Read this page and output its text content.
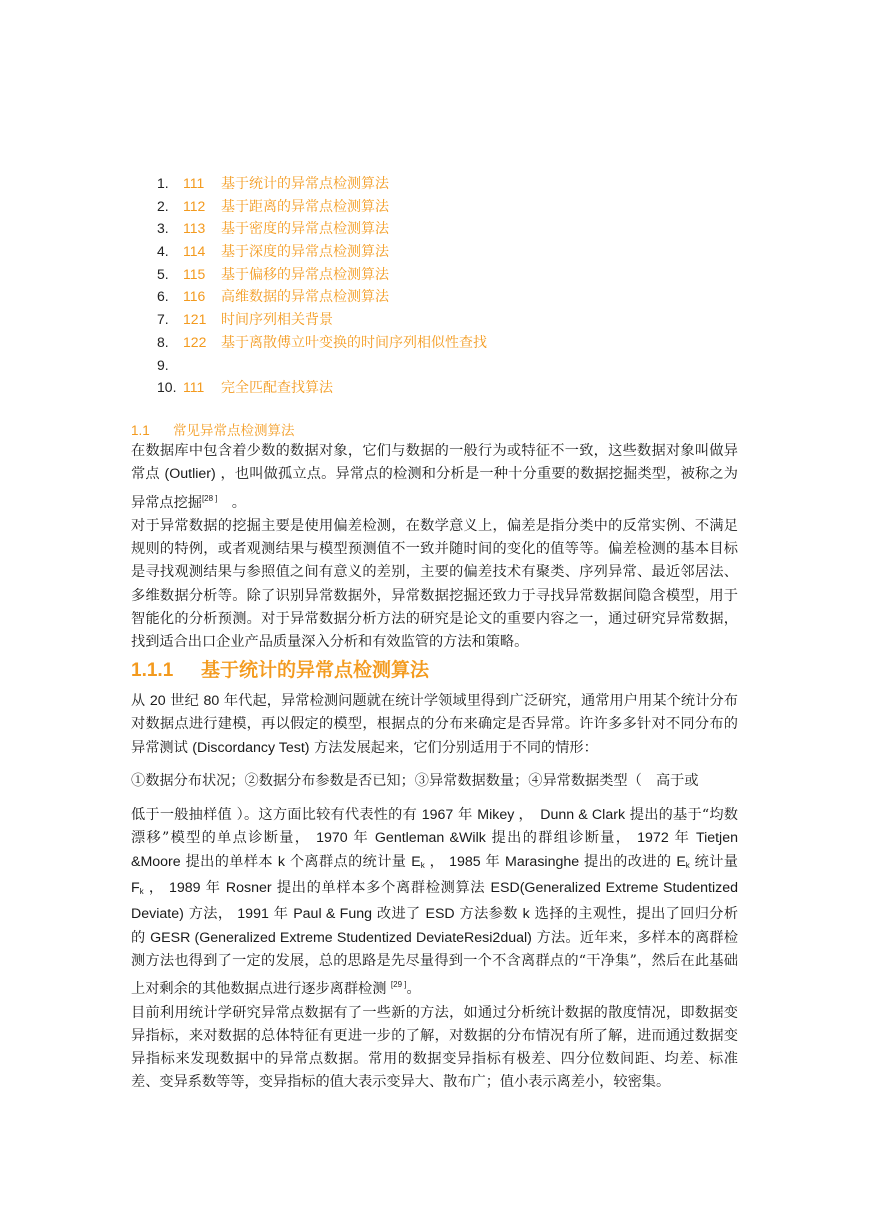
1. 111 基于统计的异常点检测算法
2. 112 基于距离的异常点检测算法
3. 113 基于密度的异常点检测算法
4. 114 基于深度的异常点检测算法
5. 115 基于偏移的异常点检测算法
6. 116 高维数据的异常点检测算法
7. 121 时间序列相关背景
8. 122 基于离散傅立叶变换的时间序列相似性查找
9.
10. 111 完全匹配查找算法
1.1 常见异常点检测算法

在数据库中包含着少数的数据对象，它们与数据的一般行为或特征不一致，这些数据对象叫做异常点 (Outlier) ，也叫做孤立点。异常点的检测和分析是一种十分重要的数据挖掘类型，被称之为异常点挖掘[28 ]　 。

对于异常数据的挖掘主要是使用偏差检测，在数学意义上，偏差是指分类中的反常实例、不满足规则的特例，或者观测结果与模型预测值不一致并随时间的变化的值等等。偏差检测的基本目标是寻找观测结果与参照值之间有意义的差别，主要的偏差技术有聚类、序列异常、最近邻居法、多维数据分析等。除了识别异常数据外，异常数据挖掘还致力于寻找异常数据间隐含模型，用于智能化的分析预测。对于异常数据分析方法的研究是论文的重要内容之一，通过研究异常数据，找到适合出口企业产品质量深入分析和有效监管的方法和策略。

1.1.1 基于统计的异常点检测算法

从 20 世纪 80 年代起，异常检测问题就在统计学领域里得到广泛研究，通常用户用某个统计分布对数据点进行建模，再以假定的模型，根据点的分布来确定是否异常。许许多多针对不同分布的异常测试 (Discordancy Test) 方法发展起来，它们分别适用于不同的情形：

①数据分布状况；②数据分布参数是否已知；③异常数据数量；④异常数据类型（　高于或

低于一般抽样值 ）。这方面比较有代表性的有 1967 年 Mikey ，　Dunn & Clark 提出的基于“均数漂移”模型的单点诊断量， 1970 年 Gentleman &Wilk 提出的群组诊断量， 1972 年 Tietjen &Moore 提出的单样本 k 个离群点的统计量 $E_k$ ， 1985 年 Marasinghe 提出的改进的 $E_k$ 统计量 $F_k$ ， 1989 年 Rosner 提出的单样本多个离群检测算法 ESD(Generalized Extreme Studentized Deviate) 方法， 1991 年 Paul & Fung 改进了 ESD 方法参数 k 选择的主观性，提出了回归分析的 GESR (Generalized Extreme Studentized DeviateResi2dual) 方法。近年来，多样本的离群检测方法也得到了一定的发展，总的思路是先尽量得到一个不含离群点的“干净集”，然后在此基础上对剩余的其他数据点进行逐步离群检测 [29 ]。

目前利用统计学研究异常点数据有了一些新的方法，如通过分析统计数据的散度情况，即数据变异指标，来对数据的总体特征有更进一步的了解，对数据的分布情况有所了解，进而通过数据变异指标来发现数据中的异常点数据。常用的数据变异指标有极差、四分位数间距、均差、标准差、变异系数等等，变异指标的值大表示变异大、散布广；值小表示离差小，较密集。
